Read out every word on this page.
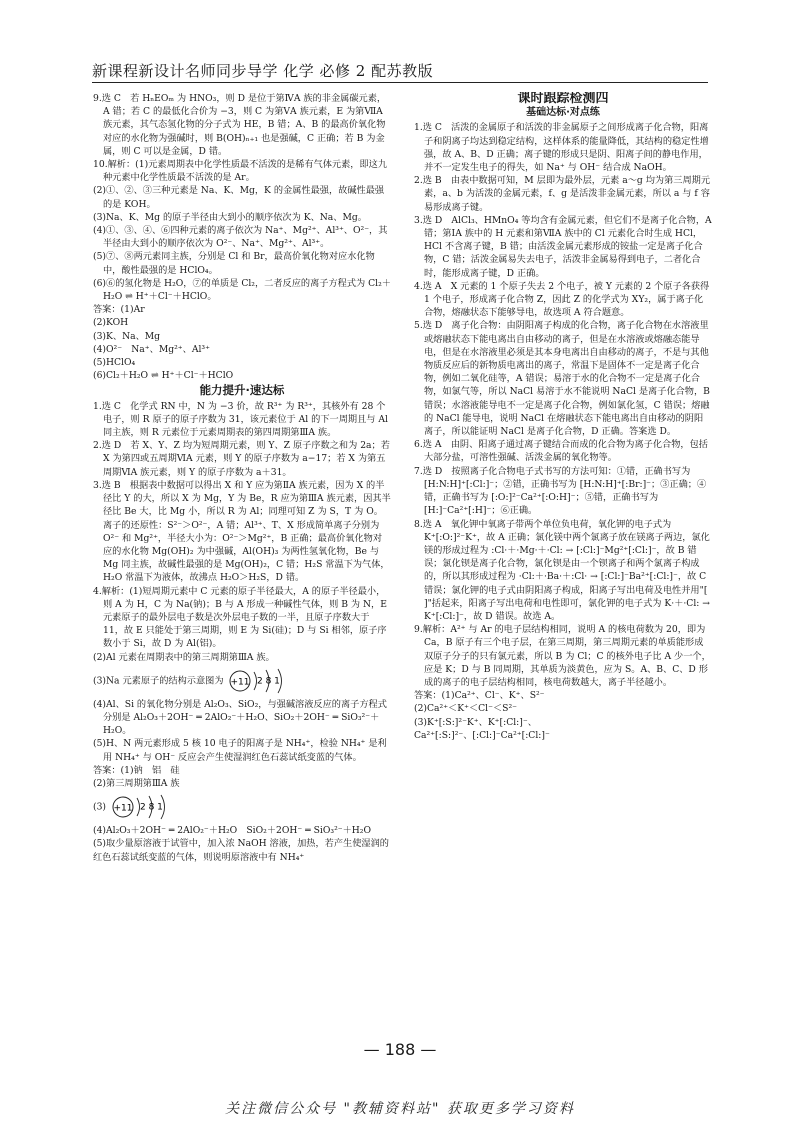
新课程新设计名师同步导学 化学 必修 2 配苏教版

9.选 C　若 HₙEOₘ 为 HNO₃，则 D 是位于第ⅣA 族的非金属碳元素，A 错；若 C 的最低化合价为 −3，则 C 为第ⅤA 族元素，E 为第ⅦA 族元素，其气态氢化物的分子式为 HE，B 错；A、B 的最高价氧化物对应的水化物为强碱时，则 B(OH)ₙ₊₁ 也是强碱，C 正确；若 B 为金属，则 C 可以是金属，D 错。

10.解析：(1)元素周期表中化学性质最不活泼的是稀有气体元素，即这九种元素中化学性质最不活泼的是 Ar。

(2)①、②、③三种元素是 Na、K、Mg，K 的金属性最强，故碱性最强的是 KOH。

(3)Na、K、Mg 的原子半径由大到小的顺序依次为 K、Na、Mg。

(4)①、③、④、⑥四种元素的离子依次为 Na⁺、Mg²⁺、Al³⁺、O²⁻，其半径由大到小的顺序依次为 O²⁻、Na⁺、Mg²⁺、Al³⁺。

(5)⑦、⑧两元素同主族，分别是 Cl 和 Br，最高价氧化物对应水化物中，酸性最强的是 HClO₄。

(6)⑥的氢化物是 H₂O，⑦的单质是 Cl₂，二者反应的离子方程式为 Cl₂＋H₂O ⇌ H⁺＋Cl⁻＋HClO。

答案：(1)Ar

(2)KOH

(3)K、Na、Mg

(4)O²⁻　Na⁺、Mg²⁺、Al³⁺

(5)HClO₄

(6)Cl₂＋H₂O ⇌ H⁺＋Cl⁻＋HClO

能力提升·速达标

1.选 C　化学式 RN 中，N 为 −3 价，故 R³⁺ 为 R³⁺，其核外有 28 个电子，则 R 原子的原子序数为 31，该元素位于 Al 的下一周期且与 Al 同主族，则 R 元素位于元素周期表的第四周期第ⅢA 族。

2.选 D　若 X、Y、Z 均为短周期元素，则 Y、Z 原子序数之和为 2a；若 X 为第四或五周期ⅥA 元素，则 Y 的原子序数为 a−17；若 X 为第五周期ⅥA 族元素，则 Y 的原子序数为 a＋31。

3.选 B　根据表中数据可以得出 X 和 Y 应为第ⅡA 族元素，因为 X 的半径比 Y 的大，所以 X 为 Mg，Y 为 Be，R 应为第ⅢA 族元素，因其半径比 Be 大，比 Mg 小，所以 R 为 Al；同理可知 Z 为 S，T 为 O。离子的还原性：S²⁻＞O²⁻，A 错；Al³⁺、T、X 形成简单离子分别为 O²⁻ 和 Mg²⁺，半径大小为：O²⁻＞Mg²⁺，B 正确；最高价氧化物对应的水化物 Mg(OH)₂ 为中强碱，Al(OH)₃ 为两性氢氧化物，Be 与 Mg 同主族，故碱性最强的是 Mg(OH)₂，C 错；H₂S 常温下为气体，H₂O 常温下为液体，故沸点 H₂O＞H₂S，D 错。

4.解析：(1)短周期元素中 C 元素的原子半径最大，A 的原子半径最小，则 A 为 H，C 为 Na(钠)；B 与 A 形成一种碱性气体，则 B 为 N，E 元素原子的最外层电子数是次外层电子数的一半，且原子序数大于 11，故 E 只能处于第三周期，则 E 为 Si(硅)；D 与 Si 相邻，原子序数小于 Si，故 D 为 Al(铝)。

(2)Al 元素在周期表中的第三周期第ⅢA 族。

(3)Na 元素原子的结构示意图为 +11 2 8 1

(4)Al、Si 的氧化物分别是 Al₂O₃、SiO₂，与强碱溶液反应的离子方程式分别是 Al₂O₃＋2OH⁻ ═ 2AlO₂⁻＋H₂O、SiO₂＋2OH⁻ ═ SiO₃²⁻＋H₂O。

(5)H、N 两元素形成 5 核 10 电子的阳离子是 NH₄⁺，检验 NH₄⁺ 是利用 NH₄⁺ 与 OH⁻ 反应会产生使湿润红色石蕊试纸变蓝的气体。

答案：(1)钠　铝　硅

(2)第三周期第ⅢA 族

(3) +11 2 8 1

(4)Al₂O₃＋2OH⁻ ═ 2AlO₂⁻＋H₂O　SiO₂＋2OH⁻ ═ SiO₃²⁻＋H₂O

(5)取少量原溶液于试管中，加入浓 NaOH 溶液，加热，若产生使湿润的红色石蕊试纸变蓝的气体，则说明原溶液中有 NH₄⁺

课时跟踪检测四
基础达标·对点练

1.选 C　活泼的金属原子和活泼的非金属原子之间形成离子化合物，阳离子和阴离子均达到稳定结构，这样体系的能量降低，其结构的稳定性增强，故 A、B、D 正确；离子键的形成只是阴、阳离子间的静电作用，并不一定发生电子的得失，如 Na⁺ 与 OH⁻ 结合成 NaOH。

2.选 B　由表中数据可知，M 层即为最外层，元素 a～g 均为第三周期元素，a、b 为活泼的金属元素，f、g 是活泼非金属元素，所以 a 与 f 容易形成离子键。

3.选 D　AlCl₃、HMnO₄ 等均含有金属元素，但它们不是离子化合物，A 错；第ⅠA 族中的 H 元素和第ⅦA 族中的 Cl 元素化合时生成 HCl，HCl 不含离子键，B 错；由活泼金属元素形成的铵盐一定是离子化合物，C 错；活泼金属易失去电子，活泼非金属易得到电子，二者化合时，能形成离子键，D 正确。

4.选 A　X 元素的 1 个原子失去 2 个电子，被 Y 元素的 2 个原子各获得 1 个电子，形成离子化合物 Z，因此 Z 的化学式为 XY₂，属于离子化合物，熔融状态下能够导电，故选项 A 符合题意。

5.选 D　离子化合物：由阴阳离子构成的化合物，离子化合物在水溶液里或熔融状态下能电离出自由移动的离子，但是在水溶液或熔融态能导电，但是在水溶液里必须是其本身电离出自由移动的离子，不是与其他物质反应后的新物质电离出的离子，常温下是固体不一定是离子化合物，例如二氧化硅等，A 错误；易溶于水的化合物不一定是离子化合物，如氯气等，所以 NaCl 易溶于水不能说明 NaCl 是离子化合物，B 错误；水溶液能导电不一定是离子化合物，例如氯化氢，C 错误；熔融的 NaCl 能导电，说明 NaCl 在熔融状态下能电离出自由移动的阴阳离子，所以能证明 NaCl 是离子化合物，D 正确。答案选 D。

6.选 A　由阴、阳离子通过离子键结合而成的化合物为离子化合物，包括大部分盐，可溶性强碱、活泼金属的氧化物等。

7.选 D　按照离子化合物电子式书写的方法可知：①错，正确书写为 [H:N:H]⁺[:Cl:]⁻；②错，正确书写为 [H:N:H]⁺[:Br:]⁻；③正确；④错，正确书写为 [:O:]²⁻Ca²⁺[:O:H]⁻；⑤错，正确书写为 [H:]⁻Ca²⁺[:H]⁻；⑥正确。

8.选 A　氧化钾中氧离子带两个单位负电荷，氧化钾的电子式为 K⁺[:O:]²⁻K⁺，故 A 正确；氯化镁中两个氯离子放在镁离子两边，氯化镁的形成过程为 :Cl·＋·Mg·＋·Cl: → [:Cl:]⁻Mg²⁺[:Cl:]⁻，故 B 错误；氯化钡是离子化合物，氯化钡是由一个钡离子和两个氯离子构成的，所以其形成过程为 ·Cl:＋·Ba·＋:Cl· → [:Cl:]⁻Ba²⁺[:Cl:]⁻，故 C 错误；氯化钾的电子式由阴阳离子构成，阳离子写出电荷及电性并用"[ ]"括起来，阳离子写出电荷和电性即可，氯化钾的电子式为 K·＋·Cl: → K⁺[:Cl:]⁻，故 D 错误。故选 A。

9.解析：A²⁺ 与 Ar 的电子层结构相同，说明 A 的核电荷数为 20，即为 Ca，B 原子有三个电子层，在第三周期，第三周期元素的单质能形成双原子分子的只有氯元素，所以 B 为 Cl；C 的核外电子比 A 少一个，应是 K；D 与 B 同周期，其单质为淡黄色，应为 S。A、B、C、D 形成的离子的电子层结构相同，核电荷数越大，离子半径越小。

答案：(1)Ca²⁺、Cl⁻、K⁺、S²⁻

(2)Ca²⁺＜K⁺＜Cl⁻＜S²⁻

(3)K⁺[:S:]²⁻K⁺、K⁺[:Cl:]⁻、

Ca²⁺[:S:]²⁻、[:Cl:]⁻Ca²⁺[:Cl:]⁻

— 188 —
关注微信公众号 "教辅资料站" 获取更多学习资料
